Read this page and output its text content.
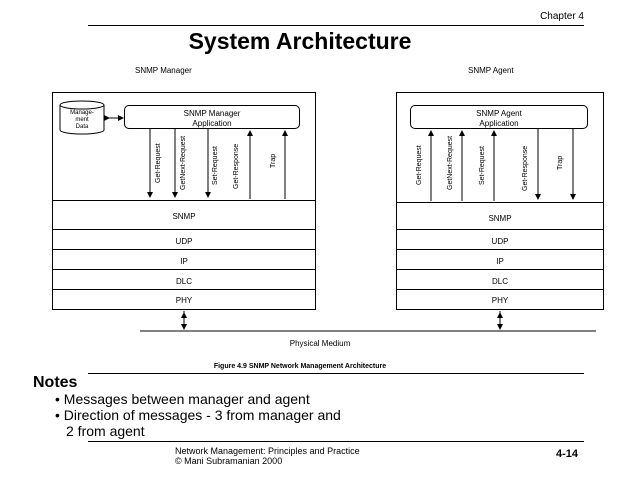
Chapter 4
System Architecture
SNMP Manager	SNMP Agent
SNMP
UDP
IP
DLC
PHY
SNMP
UDP
IP
DLC
PHY
SNMP Manager
Application
SNMP Agent
Application
Manage-
ment
Data
Get-Request	GetNext-Request	Set-Request Get-Response	Trap	Get-Request	GetNext-Request	Set-Request	Get-Response	Trap
Physical Medium
Figure 4.9 SNMP Network Management Architecture
Notes
• Messages between manager and agent
• Direction of messages - 3 from manager and
2 from agent
Network Management: Principles and Practice
© Mani Subramanian 2000
4-14
